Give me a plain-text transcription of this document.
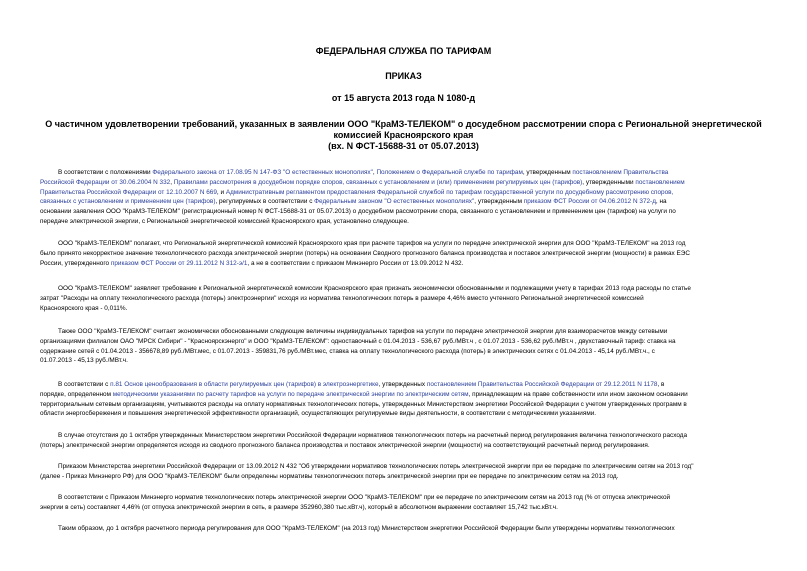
ФЕДЕРАЛЬНАЯ СЛУЖБА ПО ТАРИФАМ
ПРИКАЗ
от 15 августа 2013 года N 1080-д
О частичном удовлетворении требований, указанных в заявлении ООО "КраМЗ-ТЕЛЕКОМ" о досудебном рассмотрении спора с Региональной энергетической
комиссией Красноярского края
(вх. N ФСТ-15688-31 от 05.07.2013)
В соответствии с положениями Федерального закона от 17.08.95 N 147-ФЗ "О естественных монополиях", Положением о Федеральной службе по тарифам, утвержденным постановлением Правительства
Российской Федерации от 30.06.2004 N 332, Правилами рассмотрения в досудебном порядке споров, связанных с установлением и (или) применением регулируемых цен (тарифов), утвержденными постановлением
Правительства Российской Федерации от 12.10.2007 N 669, и Административным регламентом предоставления Федеральной службой по тарифам государственной услуги по досудебному рассмотрению споров,
связанных с установлением и применением цен (тарифов), регулируемых в соответствии с Федеральным законом "О естественных монополиях", утвержденным приказом ФСТ России от 04.06.2012 N 372-д, на
основании заявления ООО "КраМЗ-ТЕЛЕКОМ" (регистрационный номер N ФСТ-15688-31 от 05.07.2013) о досудебном рассмотрении спора, связанного с установлением и применением цен (тарифов) на услуги по
передаче электрической энергии, с Региональной энергетической комиссией Красноярского края, установлено следующее.
ООО "КраМЗ-ТЕЛЕКОМ" полагает, что Региональной энергетической комиссией Красноярского края при расчете тарифов на услуги по передаче электрической энергии для ООО "КраМЗ-ТЕЛЕКОМ" на 2013 год
было принято некорректное значение технологического расхода электрической энергии (потерь) на основании Сводного прогнозного баланса производства и поставок электрической энергии (мощности) в рамках ЕЭС
России, утвержденного приказом ФСТ России от 29.11.2012 N 312-э/1, а не в соответствии с приказом Минэнерго России от 13.09.2012 N 432.
ООО "КраМЗ-ТЕЛЕКОМ" заявляет требование к Региональной энергетической комиссии Красноярского края признать экономически обоснованными и подлежащими учету в тарифах 2013 года расходы по статье
затрат "Расходы на оплату технологического расхода (потерь) электроэнергии" исходя из норматива технологических потерь в размере 4,46% вместо учтенного Региональной энергетической комиссией
Красноярского края - 0,011%.
Также ООО "КраМЗ-ТЕЛЕКОМ" считает экономически обоснованными следующие величины индивидуальных тарифов на услуги по передаче электрической энергии для взаиморасчетов между сетевыми
организациями филиалом ОАО "МРСК Сибири" - "Красноярскэнерго" и ООО "КраМЗ-ТЕЛЕКОМ": одноставочный с 01.04.2013 - 536,67 руб./МВт.ч , с 01.07.2013 - 536,62 руб./МВт.ч , двухставочный тариф: ставка на
содержание сетей с 01.04.2013 - 356678,89 руб./МВт.мес, с 01.07.2013 - 359831,76 руб./МВт.мес, ставка на оплату технологического расхода (потерь) в электрических сетях с 01.04.2013 - 45,14 руб./МВт.ч., с
01.07.2013 - 45,13 руб./МВт.ч.
В соответствии с п.81 Основ ценообразования в области регулируемых цен (тарифов) в электроэнергетике, утвержденных постановлением Правительства Российской Федерации от 29.12.2011 N 1178, в
порядке, определенном методическими указаниями по расчету тарифов на услуги по передаче электрической энергии по электрическим сетям, принадлежащим на праве собственности или ином законном основании
территориальным сетевым организациям, учитываются расходы на оплату нормативных технологических потерь, утвержденных Министерством энергетики Российской Федерации с учетом утвержденных программ в
области энергосбережения и повышения энергетической эффективности организаций, осуществляющих регулируемые виды деятельности, в соответствии с методическими указаниями.
В случае отсутствия до 1 октября утвержденных Министерством энергетики Российской Федерации нормативов технологических потерь на расчетный период регулирования величина технологического расхода
(потерь) электрической энергии определяется исходя из сводного прогнозного баланса производства и поставок электрической энергии (мощности) на соответствующий расчетный период регулирования.
Приказом Министерства энергетики Российской Федерации от 13.09.2012 N 432 "Об утверждении нормативов технологических потерь электрической энергии при ее передаче по электрическим сетям на 2013 год"
(далее - Приказ Минэнерго РФ) для ООО "КраМЗ-ТЕЛЕКОМ" были определены нормативы технологических потерь электрической энергии при ее передаче по электрическим сетям на 2013 год.
В соответствии с Приказом Минэнерго норматив технологических потерь электрической энергии ООО "КраМЗ-ТЕЛЕКОМ" при ее передаче по электрическим сетям на 2013 год (% от отпуска электрической
энергии в сеть) составляет 4,46% (от отпуска электрической энергии в сеть, в размере 352960,380 тыс.кВт.ч), который в абсолютном выражении составляет 15,742 тыс.кВт.ч.
Таким образом, до 1 октября расчетного периода регулирования для ООО "КраМЗ-ТЕЛЕКОМ" (на 2013 год) Министерством энергетики Российской Федерации были утверждены нормативы технологических
